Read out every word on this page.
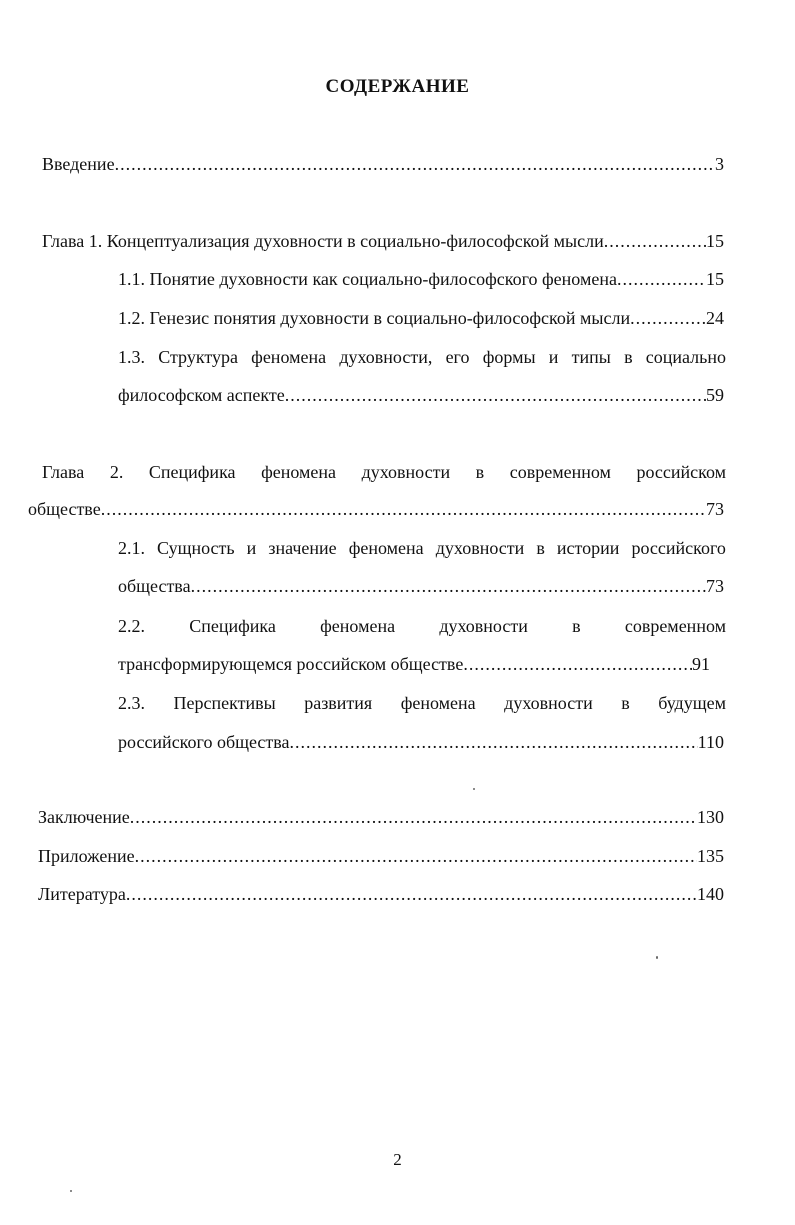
СОДЕРЖАНИЕ
Введение .....	3
Глава 1. Концептуализация духовности в социально-философской мысли .....	15
1.1. Понятие духовности как социально-философского феномена .....	15
1.2. Генезис понятия духовности в социально-философской мысли .....	24
1.3. Структура феномена духовности, его формы и типы в социально
философском аспекте .....	59
Глава 2. Специфика феномена духовности в современном российском
обществе .....	73
2.1. Сущность и значение феномена духовности в истории российского
общества .....	73
2.2. Специфика феномена духовности в современном
трансформирующемся российском обществе .....	91
2.3. Перспективы развития феномена духовности в будущем
российского общества .....	110
Заключение .....	130
Приложение .....	135
Литература .....	140
2
